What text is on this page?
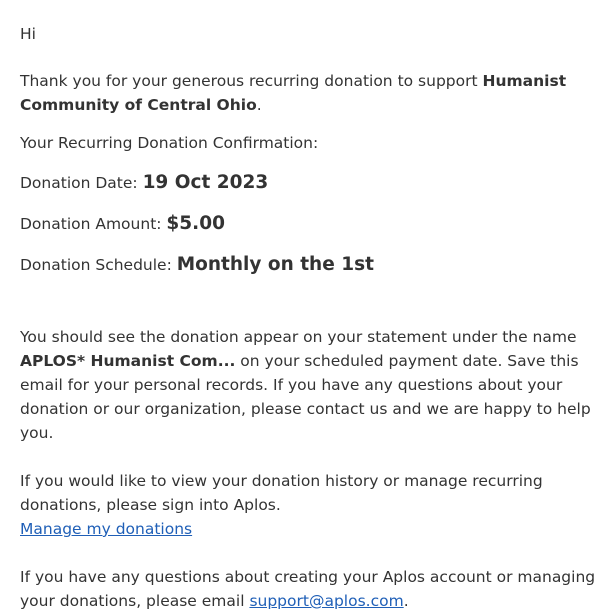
Hi

Thank you for your generous recurring donation to support Humanist Community of Central Ohio.

Your Recurring Donation Confirmation:

Donation Date: 19 Oct 2023

Donation Amount: $5.00

Donation Schedule: Monthly on the 1st

You should see the donation appear on your statement under the name APLOS* Humanist Com... on your scheduled payment date. Save this email for your personal records. If you have any questions about your donation or our organization, please contact us and we are happy to help you.

If you would like to view your donation history or manage recurring donations, please sign into Aplos.

Manage my donations

If you have any questions about creating your Aplos account or managing your donations, please email support@aplos.com.
